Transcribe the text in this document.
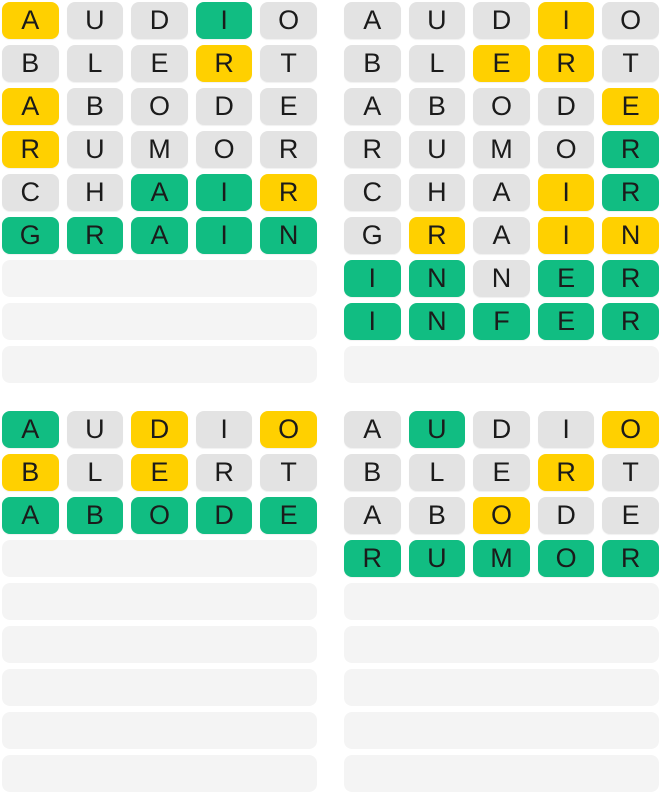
A	U	D	I	O
B	L	E	R	T
A	B	O	D	E
R	U	M	O	R
C	H	A	I	R
G	R	A	I	N
A	U	D	I	O
B	L	E	R	T
A	B	O	D	E
R	U	M	O	R
C	H	A	I	R
G	R	A	I	N
I	N	N	E	R
I	N	F	E	R
A	U	D	I	O
B	L	E	R	T
A	B	O	D	E
A	U	D	I	O
B	L	E	R	T
A	B	O	D	E
R	U	M	O	R
